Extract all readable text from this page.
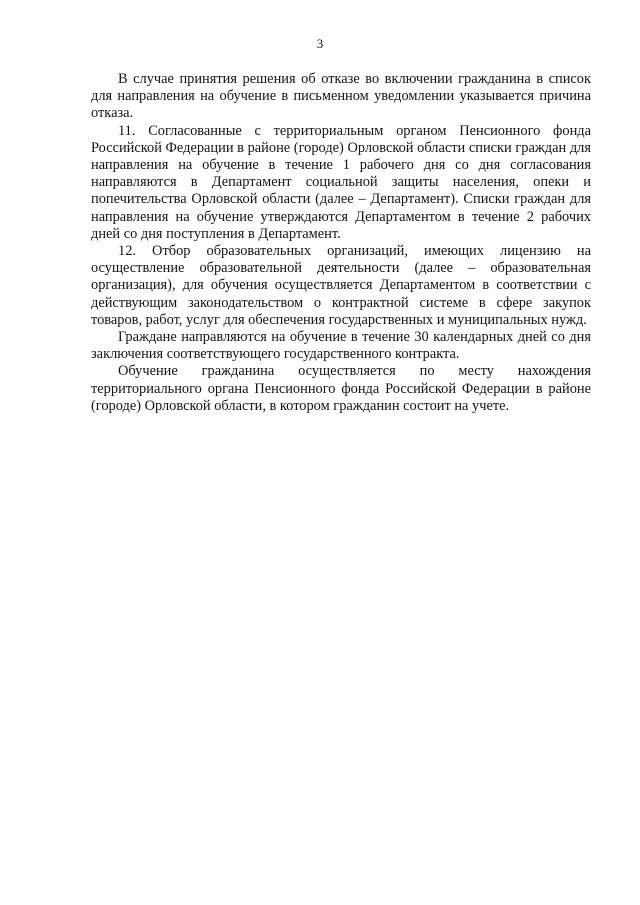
3

В случае принятия решения об отказе во включении гражданина в список для направления на обучение в письменном уведомлении указывается причина отказа.

11. Согласованные с территориальным органом Пенсионного фонда Российской Федерации в районе (городе) Орловской области списки граждан для направления на обучение в течение 1 рабочего дня со дня согласования направляются в Департамент социальной защиты населения, опеки и попечительства Орловской области (далее – Департамент). Списки граждан для направления на обучение утверждаются Департаментом в течение 2 рабочих дней со дня поступления в Департамент.

12. Отбор образовательных организаций, имеющих лицензию на осуществление образовательной деятельности (далее – образовательная организация), для обучения осуществляется Департаментом в соответствии с действующим законодательством о контрактной системе в сфере закупок товаров, работ, услуг для обеспечения государственных и муниципальных нужд.

Граждане направляются на обучение в течение 30 календарных дней со дня заключения соответствующего государственного контракта.

Обучение гражданина осуществляется по месту нахождения территориального органа Пенсионного фонда Российской Федерации в районе (городе) Орловской области, в котором гражданин состоит на учете.
